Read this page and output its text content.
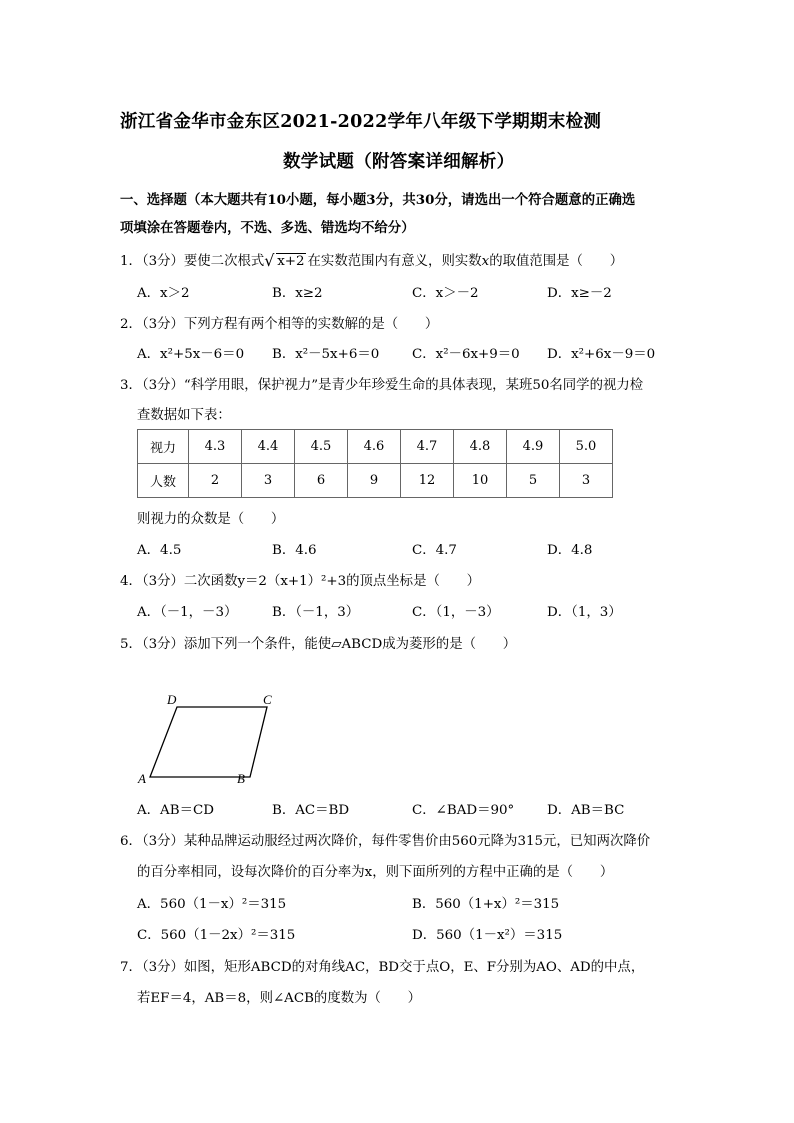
浙江省金华市金东区2021-2022学年八年级下学期期末检测
数学试题（附答案详细解析）
一、选择题（本大题共有10小题，每小题3分，共30分，请选出一个符合题意的正确选
项填涂在答题卷内，不选、多选、错选均不给分）
1．（3分）要使二次根式 √ x+2 在实数范围内有意义，则实数x的取值范围是（　　）
A．x＞2	B．x≥2	C．x＞－2	D．x≥－2
2．（3分）下列方程有两个相等的实数解的是（　　）
A．x²+5x－6＝0 B．x²－5x+6＝0 C．x²－6x+9＝0 D．x²+6x－9＝0
3．（3分）“科学用眼，保护视力”是青少年珍爱生命的具体表现，某班50名同学的视力检
查数据如下表：
视力	4.3	4.4	4.5	4.6	4.7	4.8	4.9	5.0
人数	2	3	6	9	12	10	5	3
则视力的众数是（　　）
A．4.5	B．4.6	C．4.7	D．4.8
4．（3分）二次函数y＝2（x+1）²+3的顶点坐标是（　　）
A．（－1，－3）	B．（－1，3）	C．（1，－3）	D．（1，3）
5．（3分）添加下列一个条件，能使▱ABCD成为菱形的是（　　）
D	C
A	B
A．AB＝CD	B．AC＝BD	C．∠BAD＝90° D．AB＝BC
6．（3分）某种品牌运动服经过两次降价，每件零售价由560元降为315元，已知两次降价
的百分率相同，设每次降价的百分率为x，则下面所列的方程中正确的是（　　）
A．560（1－x）²＝315	B．560（1+x）²＝315
C．560（1－2x）²＝315	D．560（1－x²）＝315
7．（3分）如图，矩形ABCD的对角线AC，BD交于点O，E、F分别为AO、AD的中点，
若EF＝4，AB＝8，则∠ACB的度数为（　　）
